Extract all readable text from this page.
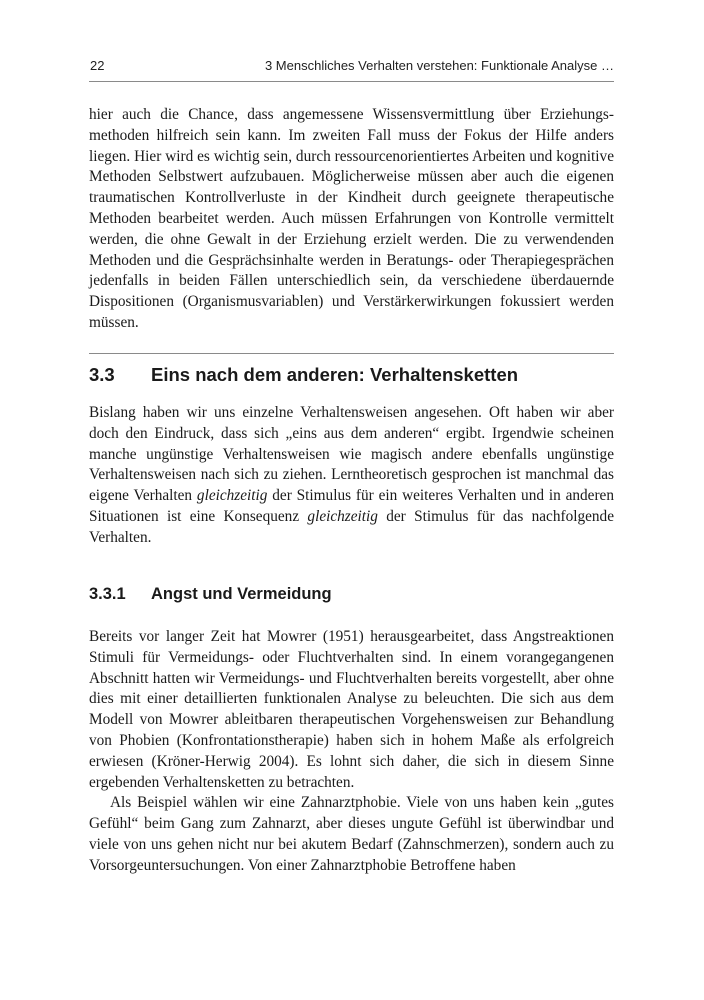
22	3 Menschliches Verhalten verstehen: Funktionale Analyse …

hier auch die Chance, dass angemessene Wissensvermittlung über Erziehungsmethoden hilfreich sein kann. Im zweiten Fall muss der Fokus der Hilfe anders liegen. Hier wird es wichtig sein, durch ressourcenorientiertes Arbeiten und kognitive Methoden Selbstwert aufzubauen. Möglicherweise müssen aber auch die eigenen traumatischen Kontrollverluste in der Kindheit durch geeignete therapeutische Methoden bearbeitet werden. Auch müssen Erfahrungen von Kontrolle vermittelt werden, die ohne Gewalt in der Erziehung erzielt werden. Die zu verwendenden Methoden und die Gesprächsinhalte werden in Beratungs- oder Therapiegesprächen jedenfalls in beiden Fällen unterschiedlich sein, da verschiedene überdauernde Dispositionen (Organismusvariablen) und Verstärkerwirkungen fokussiert werden müssen.

3.3 Eins nach dem anderen: Verhaltensketten

Bislang haben wir uns einzelne Verhaltensweisen angesehen. Oft haben wir aber doch den Eindruck, dass sich „eins aus dem anderen“ ergibt. Irgendwie scheinen manche ungünstige Verhaltensweisen wie magisch andere ebenfalls ungünstige Verhaltensweisen nach sich zu ziehen. Lerntheoretisch gesprochen ist manchmal das eigene Verhalten gleichzeitig der Stimulus für ein weiteres Verhalten und in anderen Situationen ist eine Konsequenz gleichzeitig der Stimulus für das nachfolgende Verhalten.

3.3.1 Angst und Vermeidung

Bereits vor langer Zeit hat Mowrer (1951) herausgearbeitet, dass Angstreaktionen Stimuli für Vermeidungs- oder Fluchtverhalten sind. In einem vorangegangenen Abschnitt hatten wir Vermeidungs- und Fluchtverhalten bereits vorgestellt, aber ohne dies mit einer detaillierten funktionalen Analyse zu beleuchten. Die sich aus dem Modell von Mowrer ableitbaren therapeutischen Vorgehensweisen zur Behandlung von Phobien (Konfrontationstherapie) haben sich in hohem Maße als erfolgreich erwiesen (Kröner-Herwig 2004). Es lohnt sich daher, die sich in diesem Sinne ergebenden Verhaltensketten zu betrachten.

Als Beispiel wählen wir eine Zahnarztphobie. Viele von uns haben kein „gutes Gefühl“ beim Gang zum Zahnarzt, aber dieses ungute Gefühl ist überwindbar und viele von uns gehen nicht nur bei akutem Bedarf (Zahnschmerzen), sondern auch zu Vorsorgeuntersuchungen. Von einer Zahnarztphobie Betroffene haben
